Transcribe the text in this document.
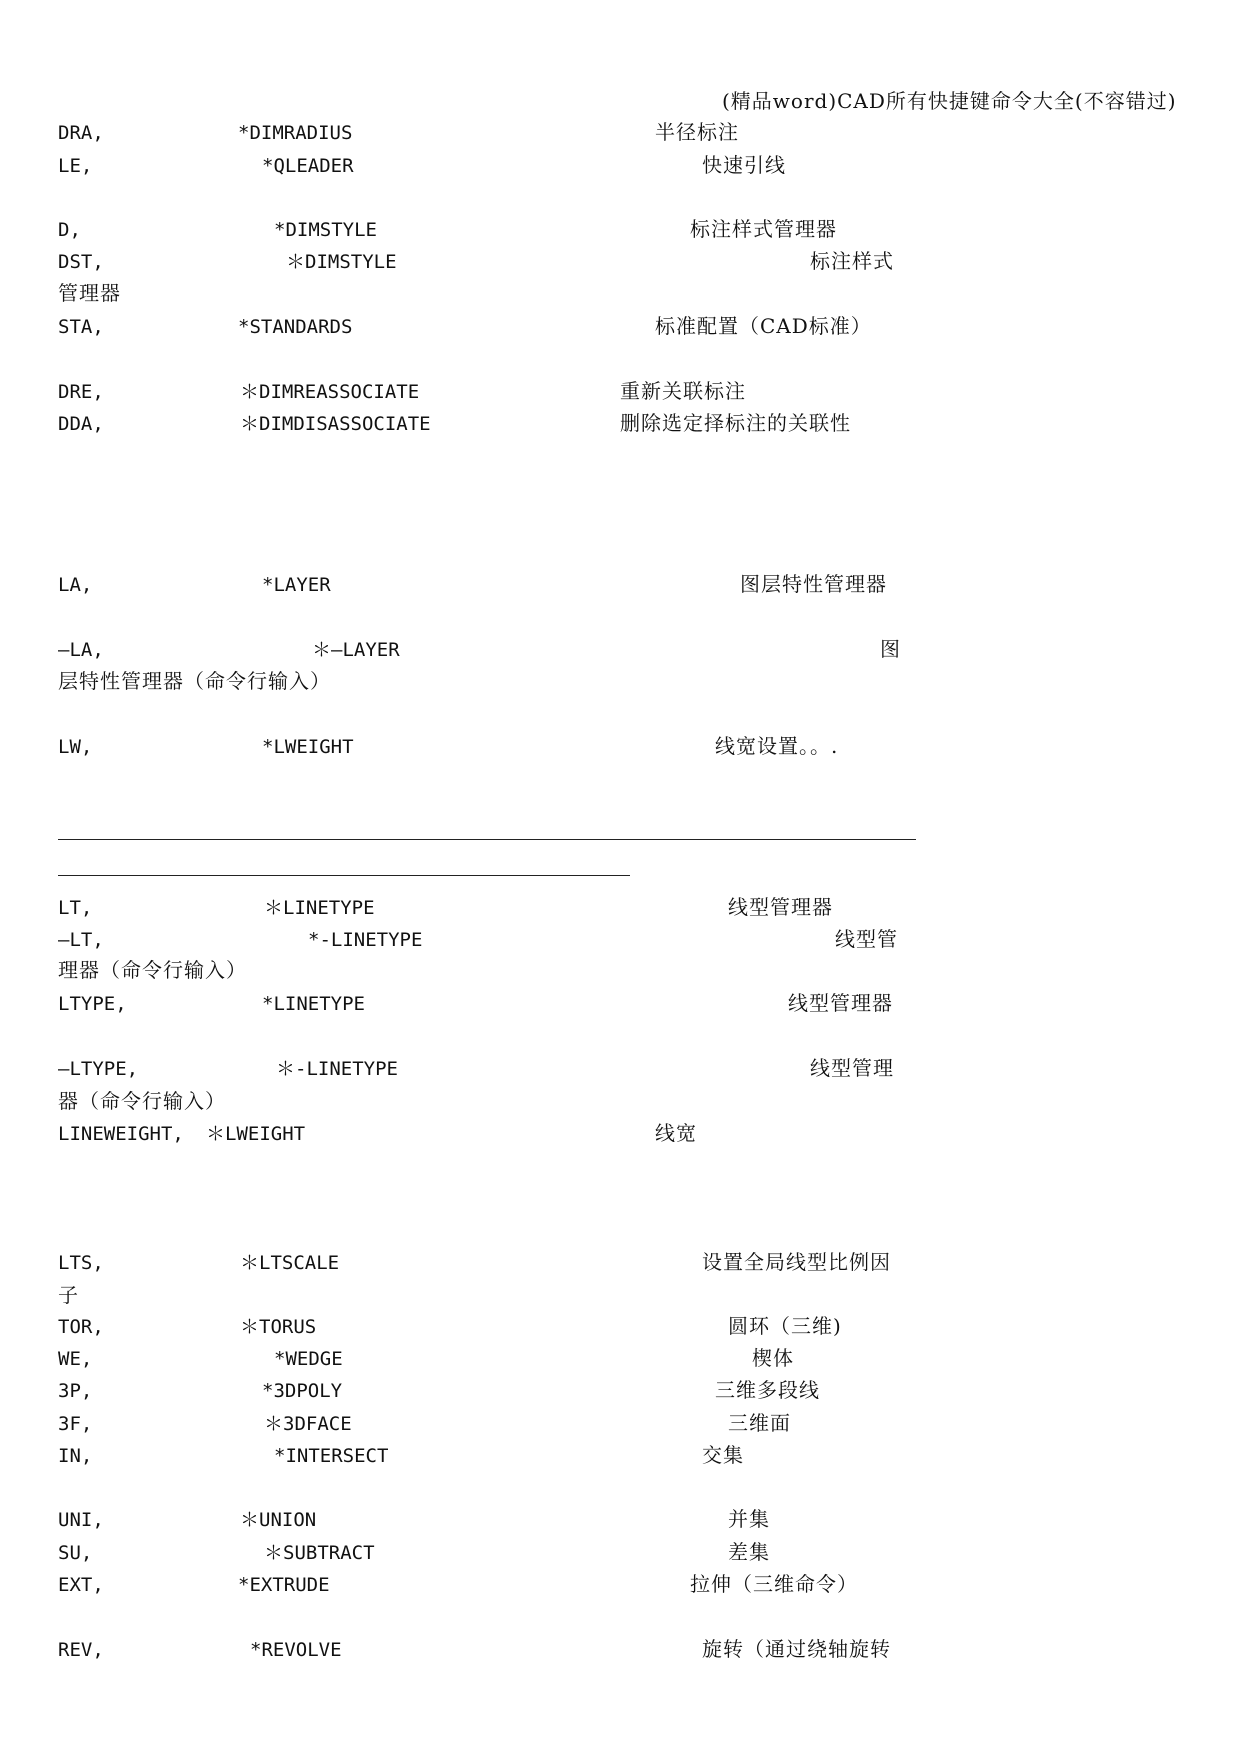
(精品word)CAD所有快捷键命令大全(不容错过)
DRA,	*DIMRADIUS	半径标注
LE,	*QLEADER	快速引线
D,	*DIMSTYLE	标注样式管理器
DST,	＊DIMSTYLE	标注样式
管理器
STA,	*STANDARDS	标准配置（CAD标准）
DRE,	＊DIMREASSOCIATE	重新关联标注
DDA,	＊DIMDISASSOCIATE	删除选定择标注的关联性
LA,	*LAYER	图层特性管理器
—LA,	＊—LAYER	图
层特性管理器（命令行输入）
LW,	*LWEIGHT	线宽设置。。.
LT,	＊LINETYPE	线型管理器
—LT,	*-LINETYPE	线型管
理器（命令行输入）
LTYPE,	*LINETYPE	线型管理器
—LTYPE,	＊-LINETYPE	线型管理
器（命令行输入）
LINEWEIGHT, ＊LWEIGHT	线宽
LTS,	＊LTSCALE	设置全局线型比例因
子
TOR,	＊TORUS	圆环（三维)
WE,	*WEDGE	楔体
3P,	*3DPOLY	三维多段线
3F,	＊3DFACE	三维面
IN,	*INTERSECT	交集
UNI,	＊UNION	并集
SU,	＊SUBTRACT	差集
EXT,	*EXTRUDE	拉伸（三维命令）
REV,	*REVOLVE	旋转（通过绕轴旋转
